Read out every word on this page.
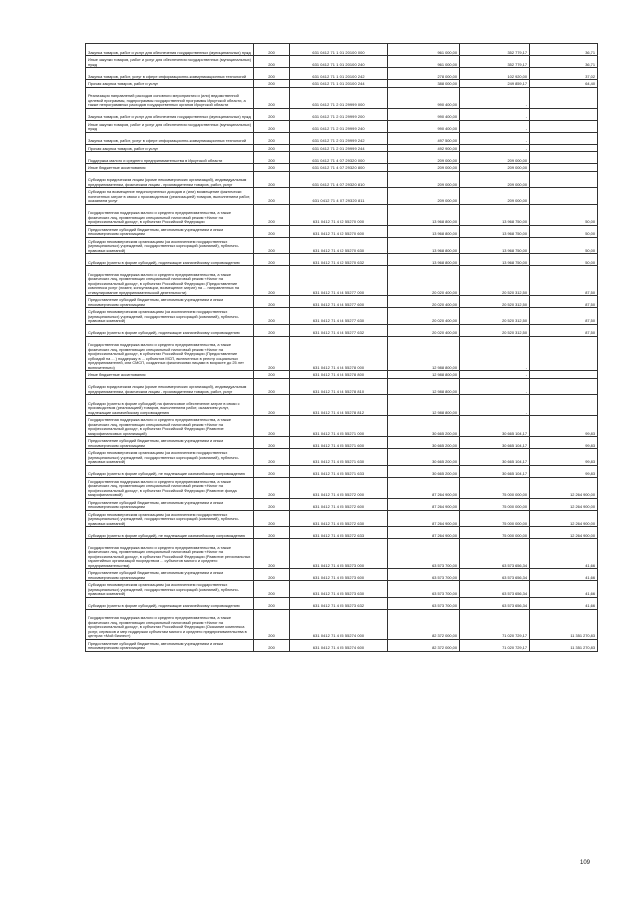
Закупка товаров, работ и услуг для обеспечения государственных (муниципальных) нужд	200	631 0412 71 1 01 20100 000	961 000,00	352 779,17	36,71
Иные закупки товаров, работ и услуг для обеспечения государственных (муниципальных) нужд	200	631 0412 71 1 01 20100 240	961 000,00	352 779,17	36,71
Закупка товаров, работ, услуг в сфере информационно-коммуникационных технологий	200	631 0412 71 1 01 20100 242	278 000,00	102 920,00	37,02
Прочая закупка товаров, работ и услуг	200	631 0412 71 1 01 20100 244	388 000,00	249 859,17	64,40
Реализация направлений расходов основного мероприятия и (или) ведомственной целевой программы, подпрограммы государственной программы Иркутской области, а также непрограммных расходов государственных органов Иркутской области	200	631 0412 71 2 01 29999 000	990 400,00	-	
Закупка товаров, работ и услуг для обеспечения государственных (муниципальных) нужд	200	631 0412 71 2 01 29999 200	990 400,00	-	
Иные закупки товаров, работ и услуг для обеспечения государственных (муниципальных) нужд	200	631 0412 71 2 01 29999 240	990 400,00	-	
Закупка товаров, работ, услуг в сфере информационно-коммуникационных технологий	200	631 0412 71 2 01 29999 242	497 500,00	-	
Прочая закупка товаров, работ и услуг	200	631 0412 71 2 01 29999 244	492 900,00	-	
Поддержка малого и среднего предпринимательства в Иркутской области	200	631 0412 71 4 07 29320 000	209 000,00	209 000,00	
Иные бюджетные ассигнования	200	631 0412 71 4 07 29320 800	209 000,00	209 000,00	
Субсидии юридическим лицам (кроме некоммерческих организаций), индивидуальным предпринимателям, физическим лицам - производителям товаров, работ, услуг	200	631 0412 71 4 07 29320 810	209 000,00	209 000,00	
Субсидии на возмещение недополученных доходов и (или) возмещение фактически понесенных затрат в связи с производством (реализацией) товаров, выполнением работ, оказанием услуг	200	631 0412 71 4 07 29320 811	209 000,00	209 000,00	
Государственная поддержка малого и среднего предпринимательства, а также физических лиц, применяющих специальный налоговый режим «Налог на профессиональный доход», в субъектах Российской Федерации	200	631 0412 71 4 I2 55270 000	13 968 800,00	13 968 750,00	50,00
Предоставление субсидий бюджетным, автономным учреждениям и иным некоммерческим организациям	200	631 0412 71 4 I2 55270 600	13 968 800,00	13 968 750,00	50,00
Субсидии некоммерческим организациям (за исключением государственных (муниципальных) учреждений, государственных корпораций (компаний), публично-правовых компаний)	200	631 0412 71 4 I2 55270 630	13 968 800,00	13 968 750,00	50,00
Субсидии (гранты в форме субсидий), подлежащие казначейскому сопровождению	200	631 0412 71 4 I2 55270 632	13 968 800,00	13 968 750,00	50,00
Государственная поддержка малого и среднего предпринимательства, а также физических лиц, применяющих специальный налоговый режим «Налог на профессиональный доход», в субъектах Российской Федерации (Предоставление комплекса услуг (лизинг, консультации, возмещение затрат) на ... направленных на стимулирование предпринимательской деятельности)	200	631 0412 71 4 I4 55277 000	20 020 400,00	20 520 312,50	87,50
Предоставление субсидий бюджетным, автономным учреждениям и иным некоммерческим организациям	200	631 0412 71 4 I4 55277 600	20 020 400,00	20 520 312,50	87,50
Субсидии некоммерческим организациям (за исключением государственных (муниципальных) учреждений, государственных корпораций (компаний), публично-правовых компаний)	200	631 0412 71 4 I4 55277 630	20 020 400,00	20 520 312,50	87,50
Субсидии (гранты в форме субсидий), подлежащие казначейскому сопровождению	200	631 0412 71 4 I4 55277 632	20 020 400,00	20 520 312,50	87,50
Государственная поддержка малого и среднего предпринимательства, а также физических лиц, применяющих специальный налоговый режим «Налог на профессиональный доход», в субъектах Российской Федерации (Предоставление субсидий на ... ) поддержку в ... субъектов МСП, включенных в реестр социальных предпринимателей, или СМСП, созданных физическими лицами в возрасте до 25 лет включительно)	200	631 0412 71 4 I4 55278 000	12 988 800,00	-	
Иные бюджетные ассигнования	200	631 0412 71 4 I4 55278 800	12 988 800,00	-	
Субсидии юридическим лицам (кроме некоммерческих организаций), индивидуальным предпринимателям, физическим лицам - производителям товаров, работ, услуг	200	631 0412 71 4 I4 55278 810	12 988 800,00	-	
Субсидии (гранты в форме субсидий) на финансовое обеспечение затрат в связи с производством (реализацией) товаров, выполнением работ, оказанием услуг, подлежащие казначейскому сопровождению	200	631 0412 71 4 I4 55278 812	12 988 800,00	-	
Государственная поддержка малого и среднего предпринимательства, а также физических лиц, применяющих специальный налоговый режим «Налог на профессиональный доход», в субъектах Российской Федерации (Развитие микрофинансовых организаций)	200	631 0412 71 4 I5 55271 000	30 665 200,00	30 665 104,17	99,83
Предоставление субсидий бюджетным, автономным учреждениям и иным некоммерческим организациям	200	631 0412 71 4 I5 55271 600	30 665 200,00	30 665 104,17	99,83
Субсидии некоммерческим организациям (за исключением государственных (муниципальных) учреждений, государственных корпораций (компаний), публично-правовых компаний)	200	631 0412 71 4 I5 55271 630	30 665 200,00	30 665 104,17	99,83
Субсидии (гранты в форме субсидий), не подлежащие казначейскому сопровождению	200	631 0412 71 4 I5 55271 633	30 665 200,00	30 665 104,17	99,83
Государственная поддержка малого и среднего предпринимательства, а также физических лиц, применяющих специальный налоговый режим «Налог на профессиональный доход», в субъектах Российской Федерации (Развитие фонда микрофинансовой)	200	631 0412 71 4 I5 55272 000	87 264 900,00	75 000 000,00	12 264 900,00
Предоставление субсидий бюджетным, автономным учреждениям и иным некоммерческим организациям	200	631 0412 71 4 I5 55272 600	87 264 900,00	75 000 000,00	12 264 900,00
Субсидии некоммерческим организациям (за исключением государственных (муниципальных) учреждений, государственных корпораций (компаний), публично-правовых компаний)	200	631 0412 71 4 I5 55272 630	87 264 900,00	75 000 000,00	12 264 900,00
Субсидии (гранты в форме субсидий), не подлежащие казначейскому сопровождению	200	631 0412 71 4 I5 55272 633	87 264 900,00	75 000 000,00	12 264 900,00
Государственная поддержка малого и среднего предпринимательства, а также физических лиц, применяющих специальный налоговый режим «Налог на профессиональный доход», в субъектах Российской Федерации (Развитие региональных гарантийных организаций посредством ... субъектов малого и среднего предпринимательства)	200	631 0412 71 4 I5 55273 000	63 573 700,00	63 573 656,34	41,66
Предоставление субсидий бюджетным, автономным учреждениям и иным некоммерческим организациям	200	631 0412 71 4 I5 55273 600	63 573 700,00	63 573 656,34	41,66
Субсидии некоммерческим организациям (за исключением государственных (муниципальных) учреждений, государственных корпораций (компаний), публично-правовых компаний)	200	631 0412 71 4 I5 55273 630	63 573 700,00	63 573 656,34	41,66
Субсидии (гранты в форме субсидий), подлежащие казначейскому сопровождению	200	631 0412 71 4 I5 55273 632	63 573 700,00	63 573 656,34	41,66
Государственная поддержка малого и среднего предпринимательства, а также физических лиц, применяющих специальный налоговый режим «Налог на профессиональный доход», в субъектах Российской Федерации (Оказание комплекса услуг, сервисов и мер поддержки субъектам малого и среднего предпринимательства в центрах «Мой бизнес»)	200	631 0412 71 4 I5 55274 000	82 372 000,00	71 020 729,17	11 351 270,83
Предоставление субсидий бюджетным, автономным учреждениям и иным некоммерческим организациям	200	631 0412 71 4 I5 55274 600	82 372 000,00	71 020 729,17	11 351 270,83
109
